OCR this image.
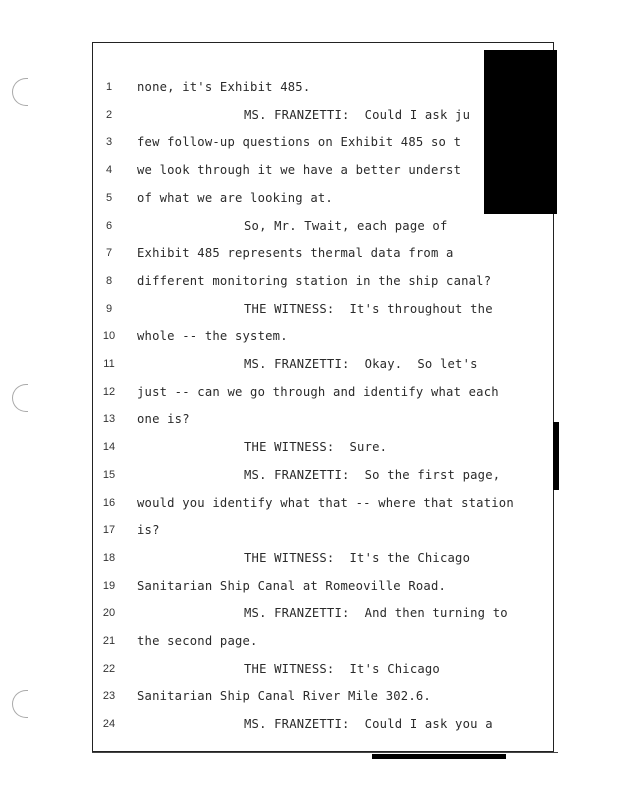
1	none, it's Exhibit 485.
2	MS. FRANZETTI:  Could I ask ju
3	few follow-up questions on Exhibit 485 so t
4	we look through it we have a better underst
5	of what we are looking at.
6	So, Mr. Twait, each page of
7	Exhibit 485 represents thermal data from a
8	different monitoring station in the ship canal?
9	THE WITNESS:  It's throughout the
10	whole -- the system.
11	MS. FRANZETTI:  Okay.  So let's
12	just -- can we go through and identify what each
13	one is?
14	THE WITNESS:  Sure.
15	MS. FRANZETTI:  So the first page,
16	would you identify what that -- where that station
17	is?
18	THE WITNESS:  It's the Chicago
19	Sanitarian Ship Canal at Romeoville Road.
20	MS. FRANZETTI:  And then turning to
21	the second page.
22	THE WITNESS:  It's Chicago
23	Sanitarian Ship Canal River Mile 302.6.
24	MS. FRANZETTI:  Could I ask you a
